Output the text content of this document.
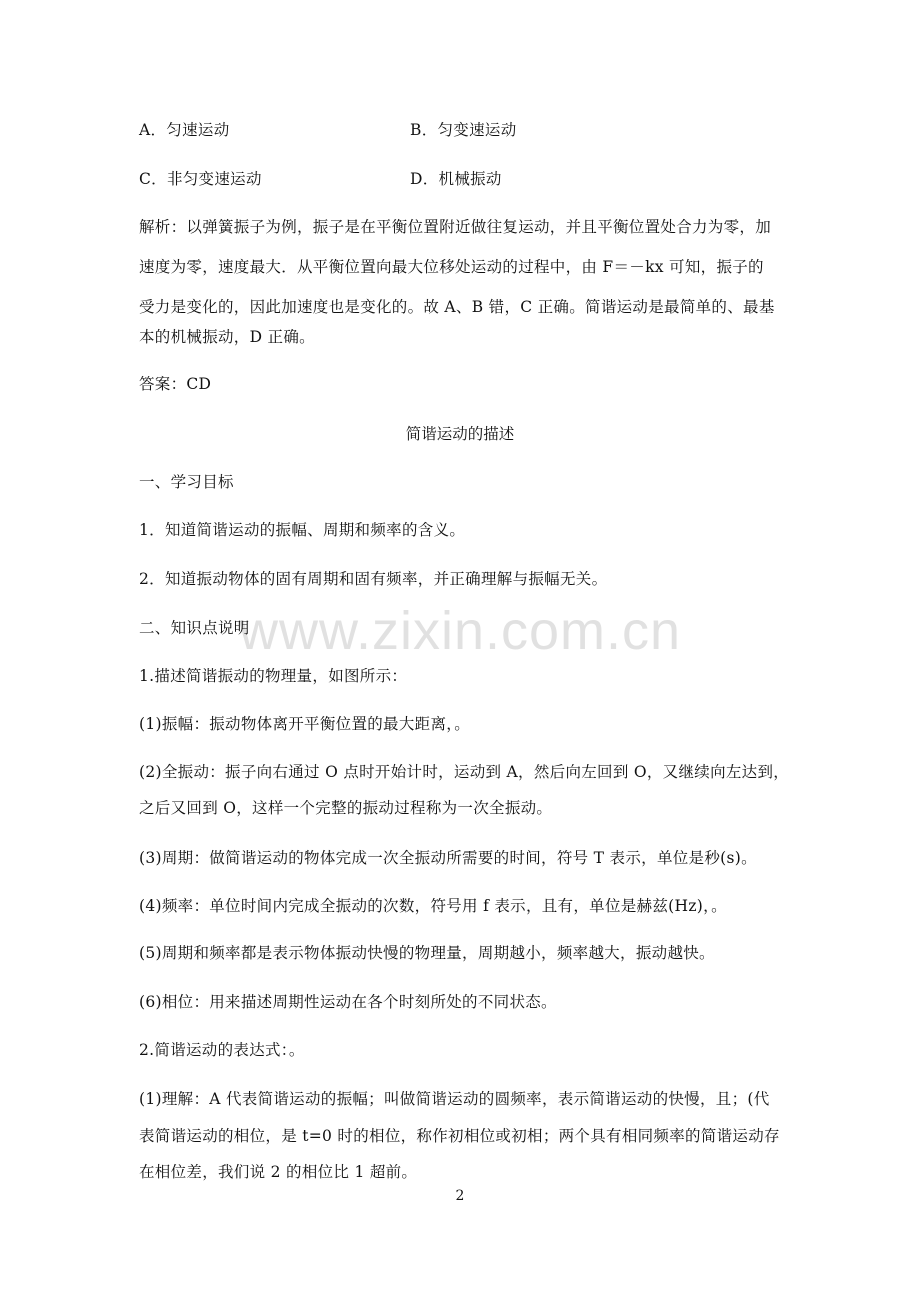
www.zixin.com.cn
A．匀速运动	B．匀变速运动
C．非匀变速运动	D．机械振动
解析：以弹簧振子为例，振子是在平衡位置附近做往复运动，并且平衡位置处合力为零，加
速度为零，速度最大．从平衡位置向最大位移处运动的过程中，由 F＝－kx 可知，振子的
受力是变化的，因此加速度也是变化的。故 A、B 错，C 正确。简谐运动是最简单的、最基
本的机械振动，D 正确。
答案：CD
简谐运动的描述
一、学习目标
1．知道简谐运动的振幅、周期和频率的含义。
2．知道振动物体的固有周期和固有频率，并正确理解与振幅无关。
二、知识点说明
1.描述简谐振动的物理量，如图所示：
(1)振幅：振动物体离开平衡位置的最大距离，。
(2)全振动：振子向右通过 O 点时开始计时，运动到 A，然后向左回到 O，又继续向左达到，
之后又回到 O，这样一个完整的振动过程称为一次全振动。
(3)周期：做简谐运动的物体完成一次全振动所需要的时间，符号 T 表示，单位是秒(s)。
(4)频率：单位时间内完成全振动的次数，符号用 f 表示，且有，单位是赫兹(Hz)，。
(5)周期和频率都是表示物体振动快慢的物理量，周期越小，频率越大，振动越快。
(6)相位：用来描述周期性运动在各个时刻所处的不同状态。
2.简谐运动的表达式：。
(1)理解：A 代表简谐运动的振幅；叫做简谐运动的圆频率，表示简谐运动的快慢，且；(代
表简谐运动的相位，是 t=0 时的相位，称作初相位或初相；两个具有相同频率的简谐运动存
在相位差，我们说 2 的相位比 1 超前。
2
